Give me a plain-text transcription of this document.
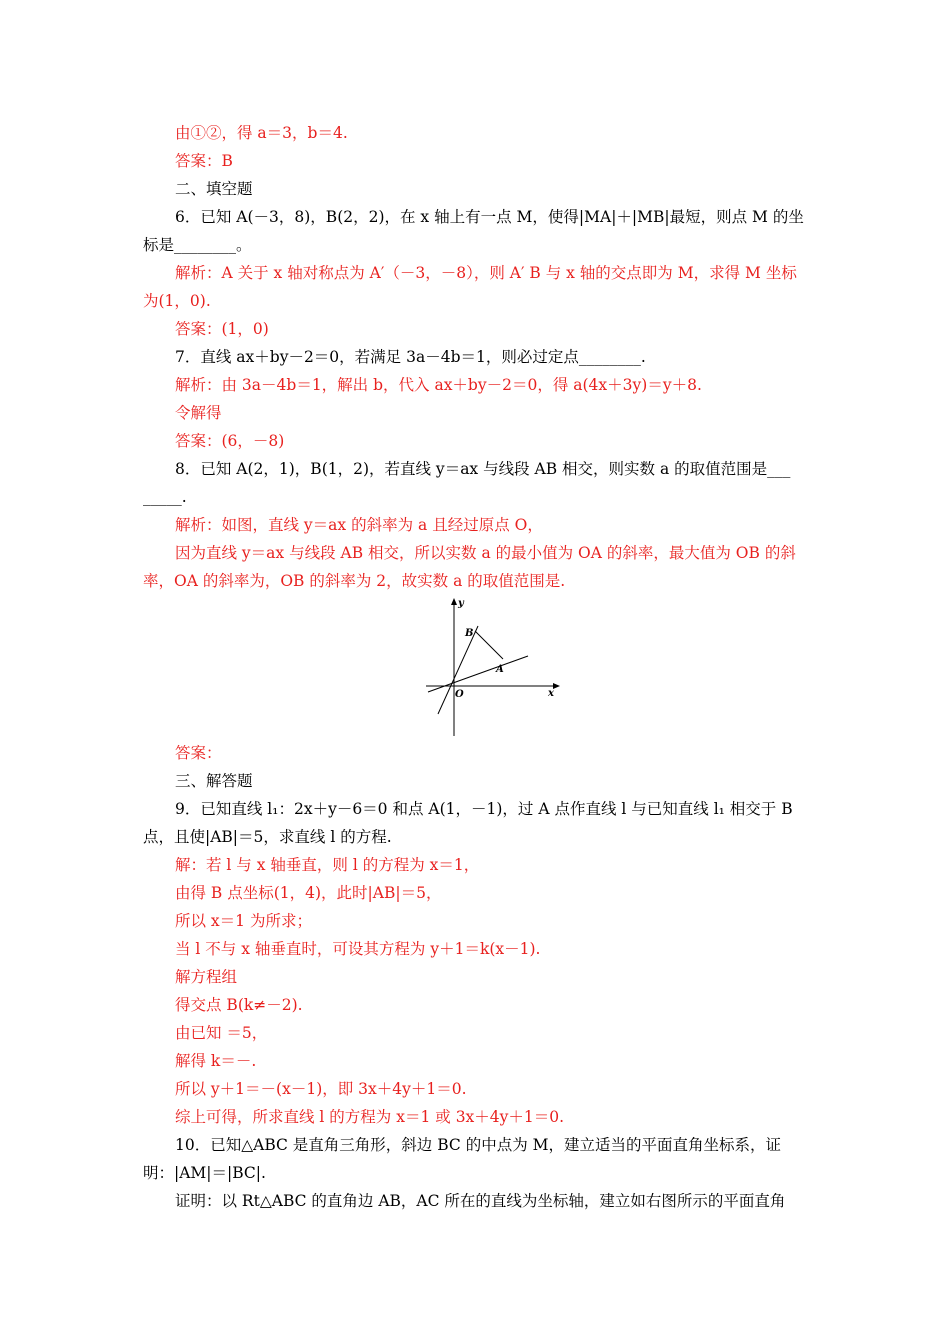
由①②，得 a＝3，b＝4.
答案：B
二、填空题
6．已知 A(－3，8)，B(2，2)，在 x 轴上有一点 M，使得|MA|＋|MB|最短，则点 M 的坐
标是________。
解析：A 关于 x 轴对称点为 A′（－3，－8），则 A′ B 与 x 轴的交点即为 M，求得 M 坐标
为(1，0).
答案：(1，0)
7．直线 ax＋by－2＝0，若满足 3a－4b＝1，则必过定点________.
解析：由 3a－4b＝1，解出 b，代入 ax＋by－2＝0，得 a(4x＋3y)＝y＋8.
令解得
答案：(6，－8)
8．已知 A(2，1)，B(1，2)，若直线 y＝ax 与线段 AB 相交，则实数 a 的取值范围是___
_____.
解析：如图，直线 y＝ax 的斜率为 a 且经过原点 O，
因为直线 y＝ax 与线段 AB 相交，所以实数 a 的最小值为 OA 的斜率，最大值为 OB 的斜
率，OA 的斜率为，OB 的斜率为 2，故实数 a 的取值范围是.
y
x
B
A
O
答案：
三、解答题
9．已知直线 l₁：2x＋y－6＝0 和点 A(1，－1)，过 A 点作直线 l 与已知直线 l₁ 相交于 B
点，且使|AB|＝5，求直线 l 的方程.
解：若 l 与 x 轴垂直，则 l 的方程为 x＝1，
由得 B 点坐标(1，4)，此时|AB|＝5，
所以 x＝1 为所求；
当 l 不与 x 轴垂直时，可设其方程为 y＋1＝k(x－1).
解方程组
得交点 B(k≠－2).
由已知 ＝5，
解得 k＝－.
所以 y＋1＝－(x－1)，即 3x＋4y＋1＝0.
综上可得，所求直线 l 的方程为 x＝1 或 3x＋4y＋1＝0.
10．已知△ABC 是直角三角形，斜边 BC 的中点为 M，建立适当的平面直角坐标系，证
明：|AM|＝|BC|.
证明：以 Rt△ABC 的直角边 AB，AC 所在的直线为坐标轴，建立如右图所示的平面直角
